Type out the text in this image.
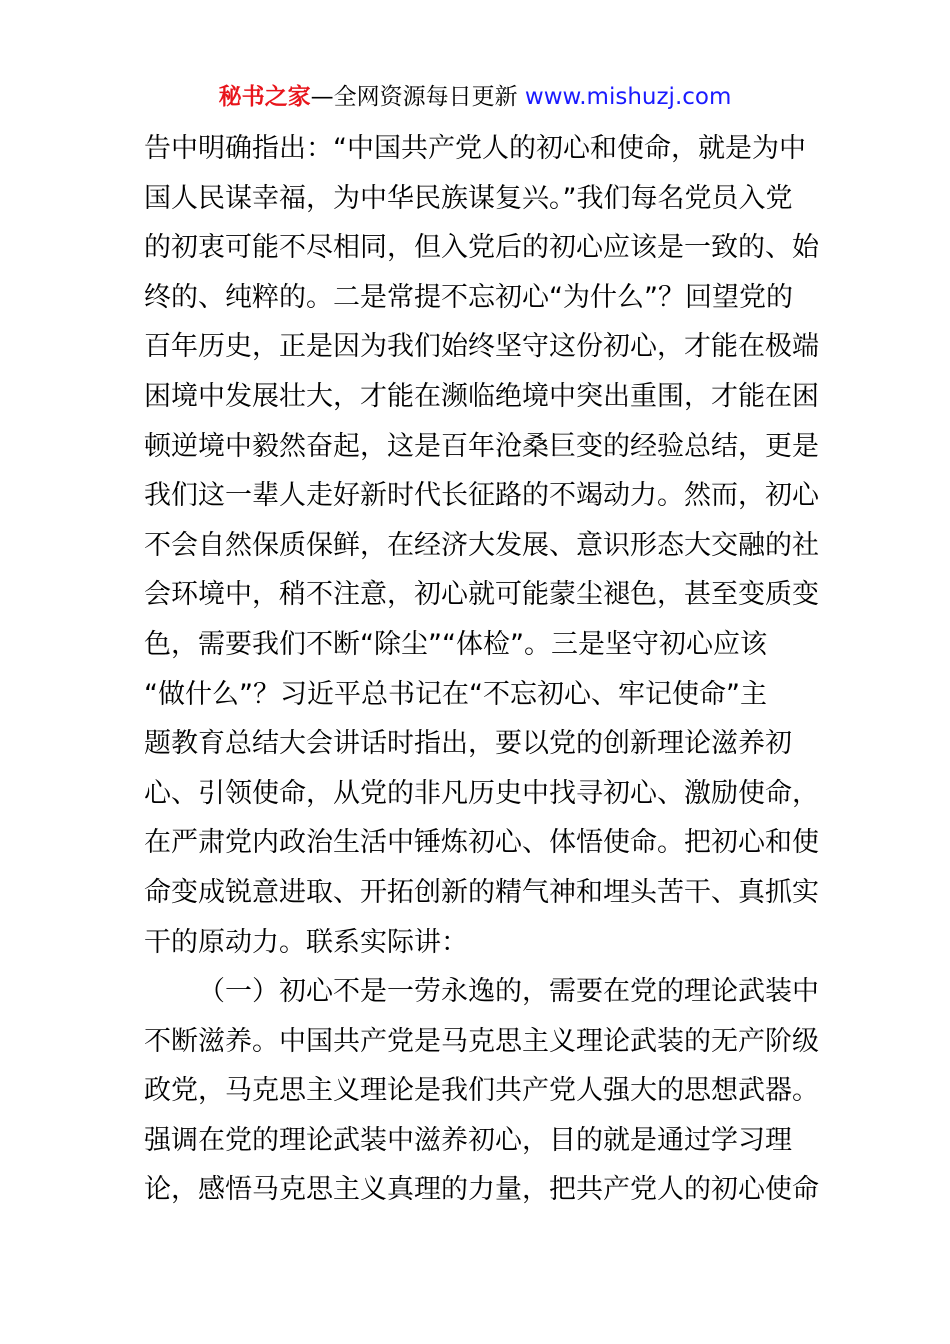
秘书之家—全网资源每日更新 www.mishuzj.com
告中明确指出：“中国共产党人的初心和使命，就是为中
国人民谋幸福，为中华民族谋复兴。”我们每名党员入党
的初衷可能不尽相同，但入党后的初心应该是一致的、始
终的、纯粹的。二是常提不忘初心“为什么”？回望党的
百年历史，正是因为我们始终坚守这份初心，才能在极端
困境中发展壮大，才能在濒临绝境中突出重围，才能在困
顿逆境中毅然奋起，这是百年沧桑巨变的经验总结，更是
我们这一辈人走好新时代长征路的不竭动力。然而，初心
不会自然保质保鲜，在经济大发展、意识形态大交融的社
会环境中，稍不注意，初心就可能蒙尘褪色，甚至变质变
色，需要我们不断“除尘”“体检”。三是坚守初心应该
“做什么”？习近平总书记在“不忘初心、牢记使命”主
题教育总结大会讲话时指出，要以党的创新理论滋养初
心、引领使命，从党的非凡历史中找寻初心、激励使命，
在严肃党内政治生活中锤炼初心、体悟使命。把初心和使
命变成锐意进取、开拓创新的精气神和埋头苦干、真抓实
干的原动力。联系实际讲：
（一）初心不是一劳永逸的，需要在党的理论武装中
不断滋养。中国共产党是马克思主义理论武装的无产阶级
政党，马克思主义理论是我们共产党人强大的思想武器。
强调在党的理论武装中滋养初心，目的就是通过学习理
论，感悟马克思主义真理的力量，把共产党人的初心使命
